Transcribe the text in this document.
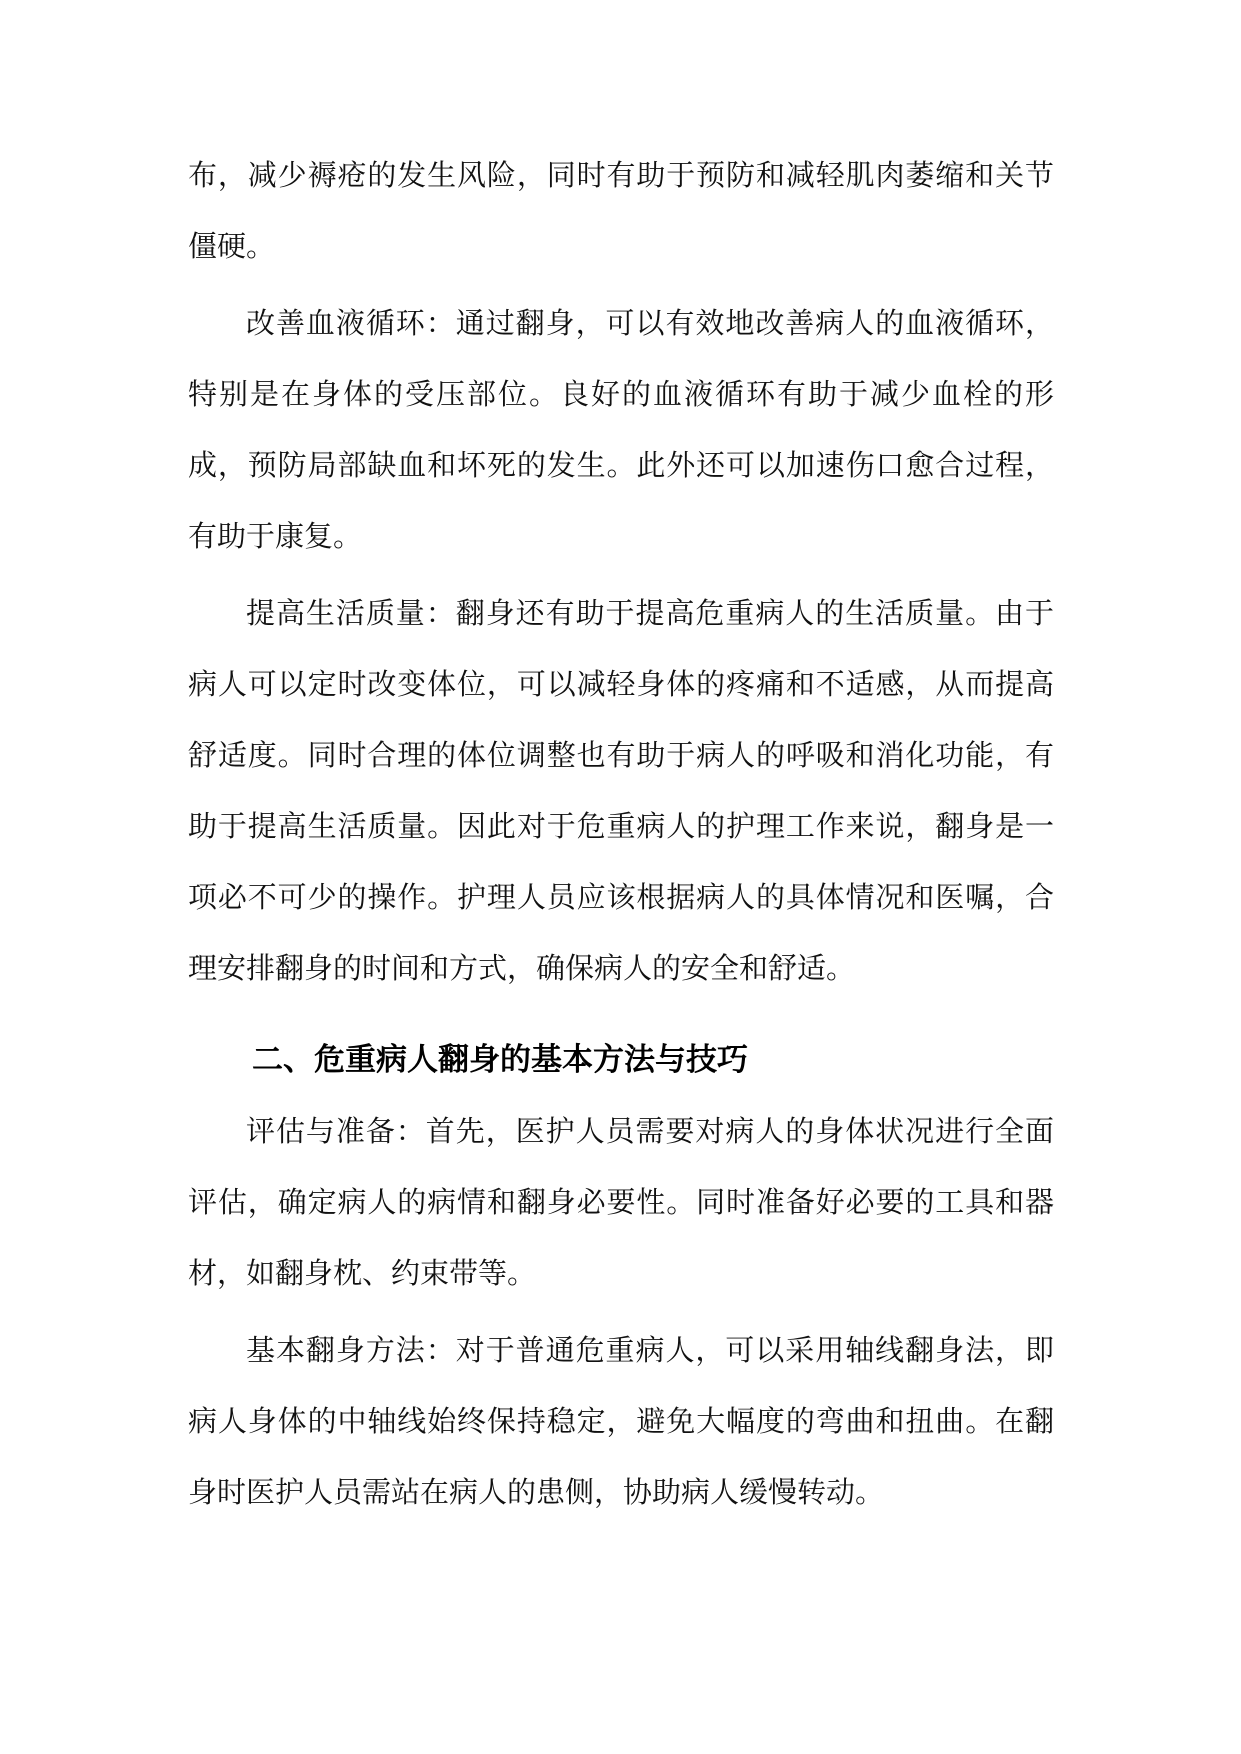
布，减少褥疮的发生风险，同时有助于预防和减轻肌肉萎缩和关节僵硬。

改善血液循环：通过翻身，可以有效地改善病人的血液循环，特别是在身体的受压部位。良好的血液循环有助于减少血栓的形成，预防局部缺血和坏死的发生。此外还可以加速伤口愈合过程，有助于康复。

提高生活质量：翻身还有助于提高危重病人的生活质量。由于病人可以定时改变体位，可以减轻身体的疼痛和不适感，从而提高舒适度。同时合理的体位调整也有助于病人的呼吸和消化功能，有助于提高生活质量。因此对于危重病人的护理工作来说，翻身是一项必不可少的操作。护理人员应该根据病人的具体情况和医嘱，合理安排翻身的时间和方式，确保病人的安全和舒适。

二、危重病人翻身的基本方法与技巧

评估与准备：首先，医护人员需要对病人的身体状况进行全面评估，确定病人的病情和翻身必要性。同时准备好必要的工具和器材，如翻身枕、约束带等。

基本翻身方法：对于普通危重病人，可以采用轴线翻身法，即病人身体的中轴线始终保持稳定，避免大幅度的弯曲和扭曲。在翻身时医护人员需站在病人的患侧，协助病人缓慢转动。
